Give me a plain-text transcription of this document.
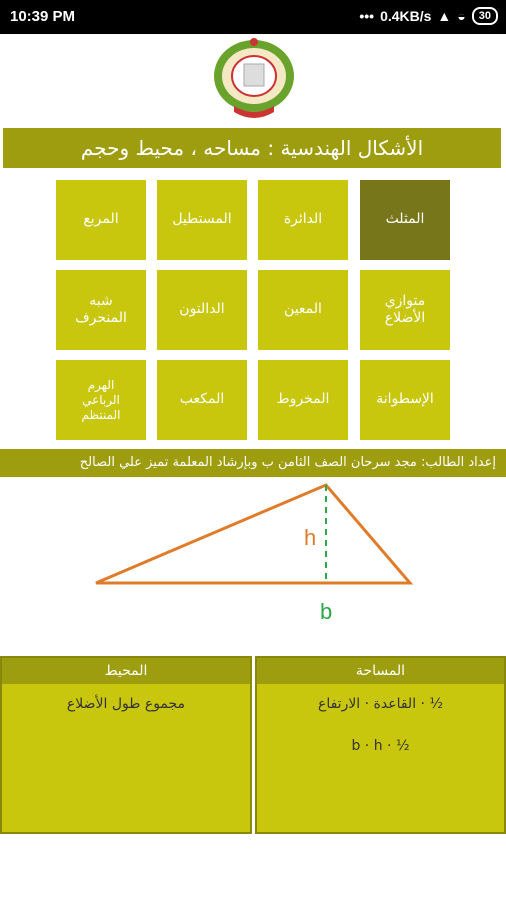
10:39 PM	••• 0.4KB/s ▲ ◒	30
الأشكال الهندسية : مساحه ، محيط وحجم
المثلث
الدائرة
المستطيل
المربع
متوازي
الأضلاع
المعين
الدالتون
شبه
المنحرف
الإسطوانة
المخروط
المكعب
الهرم
الرباعي
المنتظم
إعداد الطالب: مجد سرحان الصف الثامن ب وبإرشاد المعلمة تميز علي الصالح
h
b
المحيط
مجموع طول الأضلاع
المساحة
½ · القاعدة · الارتفاع
½ · b · h
